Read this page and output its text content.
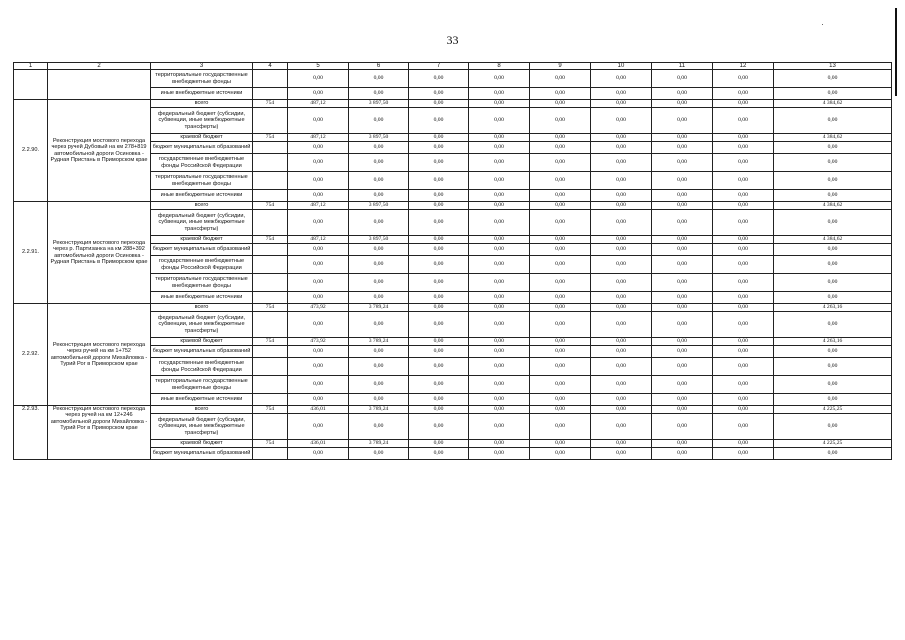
33
1	2	3	4	5	6	7	8	9	10	11	12	13
		территориальные государственные внебюджетные фонды		0,00	0,00	0,00	0,00	0,00	0,00	0,00	0,00	0,00
		иные внебюджетные источники		0,00	0,00	0,00	0,00	0,00	0,00	0,00	0,00	0,00
2.2.90.	Реконструкция мостового перехода через ручей Дубовый на км 278+819 автомобильной дороги Осиновка - Рудная Пристань в Приморском крае	всего	754	487,12	3 897,50	0,00	0,00	0,00	0,00	0,00	0,00	4 384,62
		федеральный бюджет (субсидии, субвенции, иные межбюджетные трансферты)		0,00	0,00	0,00	0,00	0,00	0,00	0,00	0,00	0,00
		краевой бюджет	754	487,12	3 897,50	0,00	0,00	0,00	0,00	0,00	0,00	4 384,62
		бюджет муниципальных образований		0,00	0,00	0,00	0,00	0,00	0,00	0,00	0,00	0,00
		государственные внебюджетные фонды Российской Федерации		0,00	0,00	0,00	0,00	0,00	0,00	0,00	0,00	0,00
		территориальные государственные внебюджетные фонды		0,00	0,00	0,00	0,00	0,00	0,00	0,00	0,00	0,00
		иные внебюджетные источники		0,00	0,00	0,00	0,00	0,00	0,00	0,00	0,00	0,00
2.2.91.	Реконструкция мостового перехода через р. Партизанка на км 288+392 автомобильной дороги Осиновка - Рудная Пристань в Приморском крае	всего	754	487,12	3 897,50	0,00	0,00	0,00	0,00	0,00	0,00	4 384,62
		федеральный бюджет (субсидии, субвенции, иные межбюджетные трансферты)		0,00	0,00	0,00	0,00	0,00	0,00	0,00	0,00	0,00
		краевой бюджет	754	487,12	3 897,50	0,00	0,00	0,00	0,00	0,00	0,00	4 384,62
		бюджет муниципальных образований		0,00	0,00	0,00	0,00	0,00	0,00	0,00	0,00	0,00
		государственные внебюджетные фонды Российской Федерации		0,00	0,00	0,00	0,00	0,00	0,00	0,00	0,00	0,00
		территориальные государственные внебюджетные фонды		0,00	0,00	0,00	0,00	0,00	0,00	0,00	0,00	0,00
		иные внебюджетные источники		0,00	0,00	0,00	0,00	0,00	0,00	0,00	0,00	0,00
2.2.92.	Реконструкция мостового перехода через ручей на км 1+752 автомобильной дороги Михайловка - Турий Рог в Приморском крае	всего	754	473,92	3 789,24	0,00	0,00	0,00	0,00	0,00	0,00	4 263,16
		федеральный бюджет (субсидии, субвенции, иные межбюджетные трансферты)		0,00	0,00	0,00	0,00	0,00	0,00	0,00	0,00	0,00
		краевой бюджет	754	473,92	3 789,24	0,00	0,00	0,00	0,00	0,00	0,00	4 263,16
		бюджет муниципальных образований		0,00	0,00	0,00	0,00	0,00	0,00	0,00	0,00	0,00
		государственные внебюджетные фонды Российской Федерации		0,00	0,00	0,00	0,00	0,00	0,00	0,00	0,00	0,00
		территориальные государственные внебюджетные фонды		0,00	0,00	0,00	0,00	0,00	0,00	0,00	0,00	0,00
		иные внебюджетные источники		0,00	0,00	0,00	0,00	0,00	0,00	0,00	0,00	0,00
2.2.93.	Реконструкция мостового перехода через ручей на км 12+246 автомобильной дороги Михайловка - Турий Рог в Приморском крае	всего	754	436,01	3 789,24	0,00	0,00	0,00	0,00	0,00	0,00	4 225,25
		федеральный бюджет (субсидии, субвенции, иные межбюджетные трансферты)		0,00	0,00	0,00	0,00	0,00	0,00	0,00	0,00	0,00
		краевой бюджет	754	436,01	3 789,24	0,00	0,00	0,00	0,00	0,00	0,00	4 225,25
		бюджет муниципальных образований		0,00	0,00	0,00	0,00	0,00	0,00	0,00	0,00	0,00
